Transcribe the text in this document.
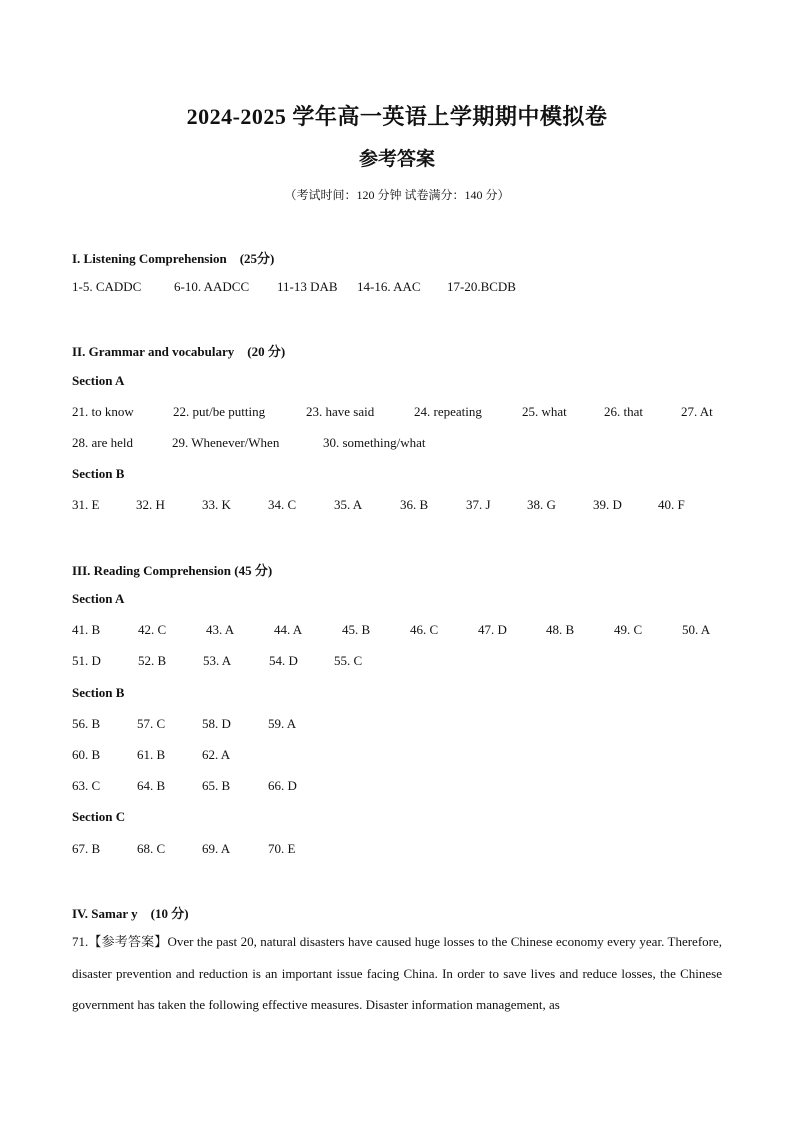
2024-2025 学年高一英语上学期期中模拟卷
参考答案
（考试时间：120 分钟 试卷满分：140 分）
I. Listening Comprehension　(25分)
1-5. CADDC	6-10. AADCC 11-13 DAB 14-16. AAC 17-20.BCDB
II. Grammar and vocabulary　(20 分)
Section A
21. to know	22. put/be putting	23. have said	24. repeating	25. what	26. that	27. At
28. are held	29. Whenever/When	30. something/what
Section B
31. E	32. H	33. K	34. C	35. A	36. B	37. J	38. G	39. D	40. F
III. Reading Comprehension (45 分)
Section A
41. B	42. C	43. A	44. A	45. B	46. C	47. D	48. B	49. C	50. A
51. D	52. B	53. A	54. D	55. C
Section B
56. B	57. C	58. D	59. A
60. B	61. B	62. A
63. C	64. B	65. B	66. D
Section C
67. B	68. C	69. A	70. E
IV. Samar y　(10 分)
71.【参考答案】Over the past 20, natural disasters have caused huge losses to the Chinese economy every year. Therefore, disaster prevention and reduction is an important issue facing China. In order to save lives and reduce losses, the Chinese government has taken the following effective measures. Disaster information management, as
